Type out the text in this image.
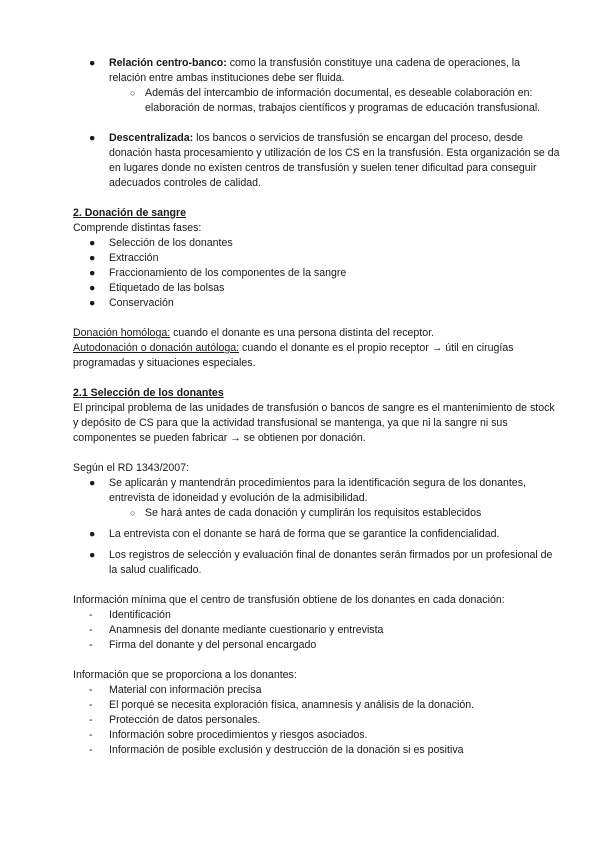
● Relación centro-banco: como la transfusión constituye una cadena de operaciones, la relación entre ambas instituciones debe ser fluida.

○ Además del intercambio de información documental, es deseable colaboración en: elaboración de normas, trabajos científicos y programas de educación transfusional.

● Descentralizada: los bancos o servicios de transfusión se encargan del proceso, desde donación hasta procesamiento y utilización de los CS en la transfusión. Esta organización se da en lugares donde no existen centros de transfusión y suelen tener dificultad para conseguir adecuados controles de calidad.

2. Donación de sangre

Comprende distintas fases:

● Selección de los donantes

● Extracción

● Fraccionamiento de los componentes de la sangre

● Etiquetado de las bolsas

● Conservación

Donación homóloga: cuando el donante es una persona distinta del receptor.

Autodonación o donación autóloga: cuando el donante es el propio receptor → útil en cirugías programadas y situaciones especiales.

2.1 Selección de los donantes

El principal problema de las unidades de transfusión o bancos de sangre es el mantenimiento de stock y depósito de CS para que la actividad transfusional se mantenga, ya que ni la sangre ni sus componentes se pueden fabricar → se obtienen por donación.

Según el RD 1343/2007:

● Se aplicarán y mantendrán procedimientos para la identificación segura de los donantes, entrevista de idoneidad y evolución de la admisibilidad.

○ Se hará antes de cada donación y cumplirán los requisitos establecidos

● La entrevista con el donante se hará de forma que se garantice la confidencialidad.

● Los registros de selección y evaluación final de donantes serán firmados por un profesional de la salud cualificado.

Información mínima que el centro de transfusión obtiene de los donantes en cada donación:

- Identificación

- Anamnesis del donante mediante cuestionario y entrevista

- Firma del donante y del personal encargado

Información que se proporciona a los donantes:

- Material con información precisa

- El porqué se necesita exploración física, anamnesis y análisis de la donación.

- Protección de datos personales.

- Información sobre procedimientos y riesgos asociados.

- Información de posible exclusión y destrucción de la donación si es positiva
